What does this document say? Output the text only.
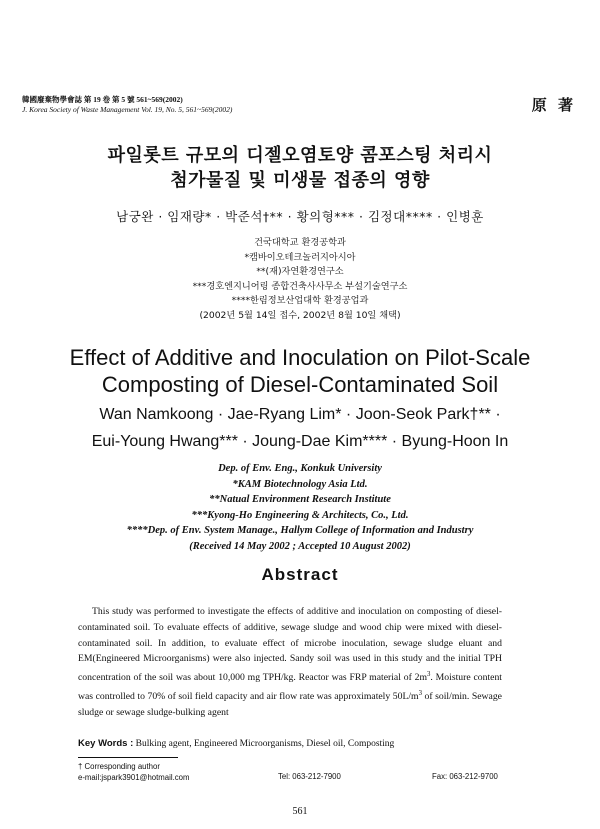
韓國廢棄物學會誌 第 19 卷 第 5 號 561~569(2002)
J. Korea Society of Waste Management Vol. 19, No. 5, 561~569(2002)	原 著
파일롯트 규모의 디젤오염토양 콤포스팅 처리시
첨가물질 및 미생물 접종의 영향
남궁완 · 임재량* · 박준석†** · 황의형*** · 김정대**** · 인병훈
건국대학교 환경공학과
*캠바이오테크놀러지아시아
**(재)자연환경연구소
***경호엔지니어링 종합건축사사무소 부설기술연구소
****한림정보산업대학 환경공업과
(2002년 5월 14일 접수, 2002년 8월 10일 채택)
Effect of Additive and Inoculation on Pilot-Scale
Composting of Diesel-Contaminated Soil
Wan Namkoong · Jae-Ryang Lim* · Joon-Seok Park†** ·
Eui-Young Hwang*** · Joung-Dae Kim**** · Byung-Hoon In
Dep. of Env. Eng., Konkuk University
*KAM Biotechnology Asia Ltd.
**Natual Environment Research Institute
***Kyong-Ho Engineering & Architects, Co., Ltd.
****Dep. of Env. System Manage., Hallym College of Information and Industry
(Received 14 May 2002 ; Accepted 10 August 2002)
Abstract
This study was performed to investigate the effects of additive and inoculation on composting of diesel-contaminated soil. To evaluate effects of additive, sewage sludge and wood chip were mixed with diesel-contaminated soil. In addition, to evaluate effect of microbe inoculation, sewage sludge eluant and EM(Engineered Microorganisms) were also injected. Sandy soil was used in this study and the initial TPH concentration of the soil was about 10,000 mg TPH/kg. Reactor was FRP material of $2m^3$. Moisture content was controlled to 70% of soil field capacity and air flow rate was approximately $50L/m^3$ of soil/min. Sewage sludge or sewage sludge-bulking agent
Key Words : Bulking agent, Engineered Microorganisms, Diesel oil, Composting
† Corresponding author
e-mail:jspark3901@hotmail.com	Tel: 063-212-7900	Fax: 063-212-9700
561
